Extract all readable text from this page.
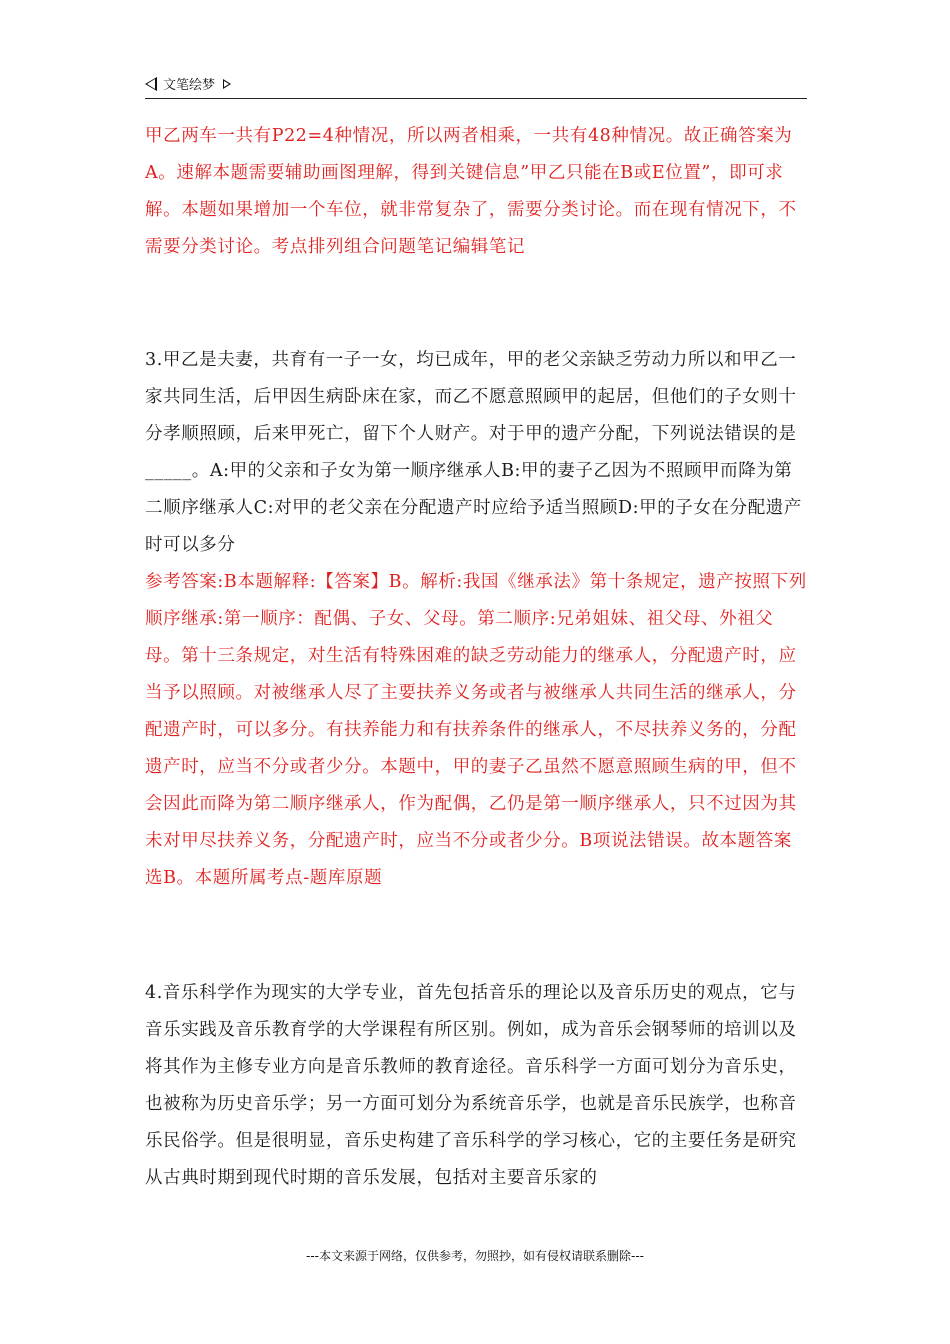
文笔绘梦

甲乙两车一共有P22=4种情况，所以两者相乘，一共有48种情况。故正确答案为A。速解本题需要辅助画图理解，得到关键信息”甲乙只能在B或E位置”，即可求解。本题如果增加一个车位，就非常复杂了，需要分类讨论。而在现有情况下，不需要分类讨论。考点排列组合问题笔记编辑笔记

3.甲乙是夫妻，共育有一子一女，均已成年，甲的老父亲缺乏劳动力所以和甲乙一家共同生活，后甲因生病卧床在家，而乙不愿意照顾甲的起居，但他们的子女则十分孝顺照顾，后来甲死亡，留下个人财产。对于甲的遗产分配，下列说法错误的是_____。A:甲的父亲和子女为第一顺序继承人B:甲的妻子乙因为不照顾甲而降为第二顺序继承人C:对甲的老父亲在分配遗产时应给予适当照顾D:甲的子女在分配遗产时可以多分

参考答案:B本题解释:【答案】B。解析:我国《继承法》第十条规定，遗产按照下列顺序继承:第一顺序：配偶、子女、父母。第二顺序:兄弟姐妹、祖父母、外祖父母。第十三条规定，对生活有特殊困难的缺乏劳动能力的继承人，分配遗产时，应当予以照顾。对被继承人尽了主要扶养义务或者与被继承人共同生活的继承人，分配遗产时，可以多分。有扶养能力和有扶养条件的继承人，不尽扶养义务的，分配遗产时，应当不分或者少分。本题中，甲的妻子乙虽然不愿意照顾生病的甲，但不会因此而降为第二顺序继承人，作为配偶，乙仍是第一顺序继承人，只不过因为其未对甲尽扶养义务，分配遗产时，应当不分或者少分。B项说法错误。故本题答案选B。本题所属考点-题库原题

4.音乐科学作为现实的大学专业，首先包括音乐的理论以及音乐历史的观点，它与音乐实践及音乐教育学的大学课程有所区别。例如，成为音乐会钢琴师的培训以及将其作为主修专业方向是音乐教师的教育途径。音乐科学一方面可划分为音乐史，也被称为历史音乐学；另一方面可划分为系统音乐学，也就是音乐民族学，也称音乐民俗学。但是很明显，音乐史构建了音乐科学的学习核心，它的主要任务是研究从古典时期到现代时期的音乐发展，包括对主要音乐家的

---本文来源于网络，仅供参考，勿照抄，如有侵权请联系删除---
